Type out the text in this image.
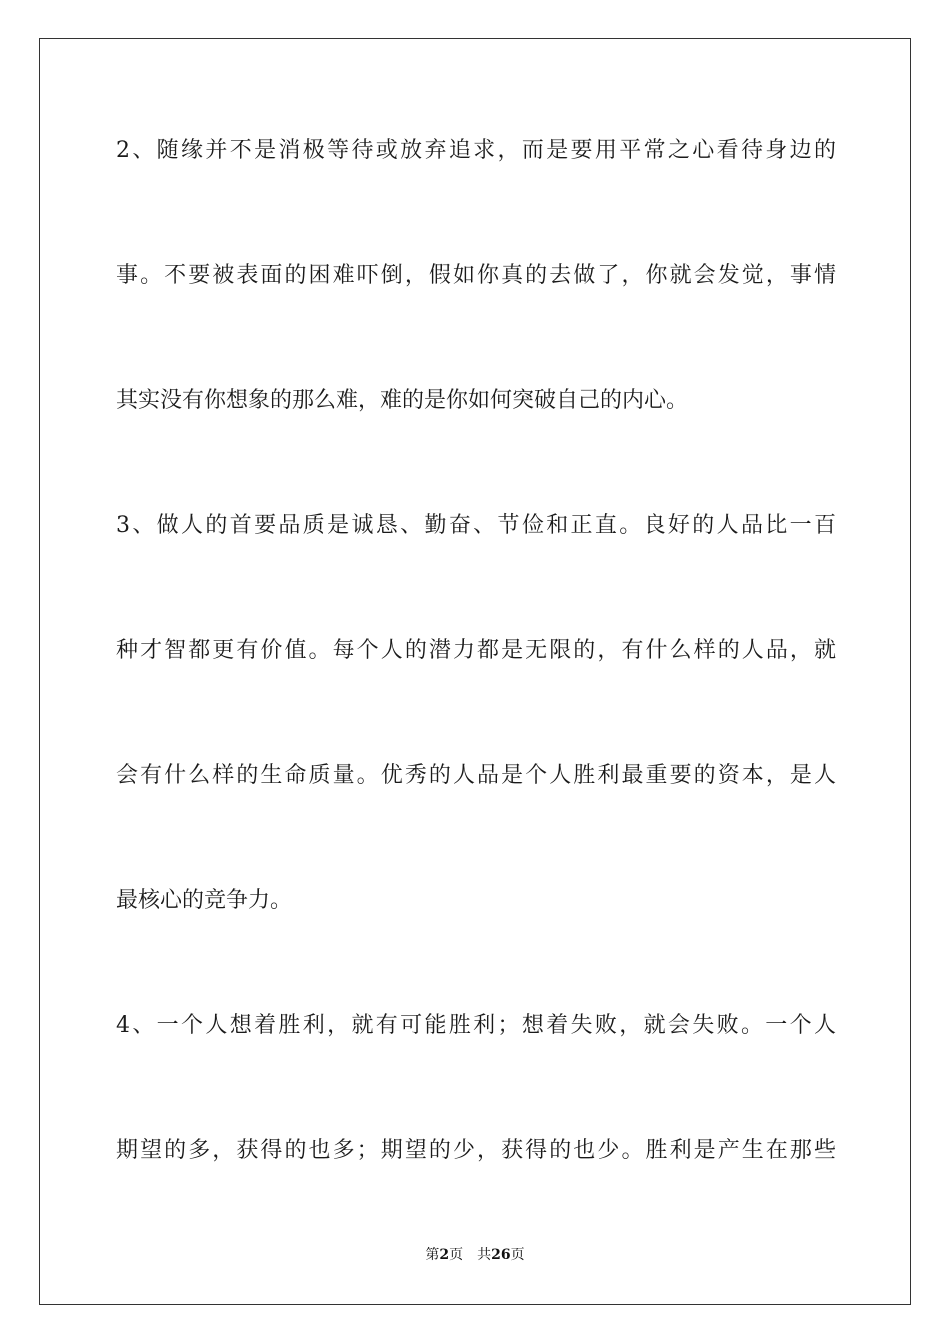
2、随缘并不是消极等待或放弃追求，而是要用平常之心看待身边的
事。不要被表面的困难吓倒，假如你真的去做了，你就会发觉，事情
其实没有你想象的那么难，难的是你如何突破自己的内心。
3、做人的首要品质是诚恳、勤奋、节俭和正直。良好的人品比一百
种才智都更有价值。每个人的潜力都是无限的，有什么样的人品，就
会有什么样的生命质量。优秀的人品是个人胜利最重要的资本，是人
最核心的竞争力。
4、一个人想着胜利，就有可能胜利；想着失败，就会失败。一个人
期望的多，获得的也多；期望的少，获得的也少。胜利是产生在那些
第2页 共26页
